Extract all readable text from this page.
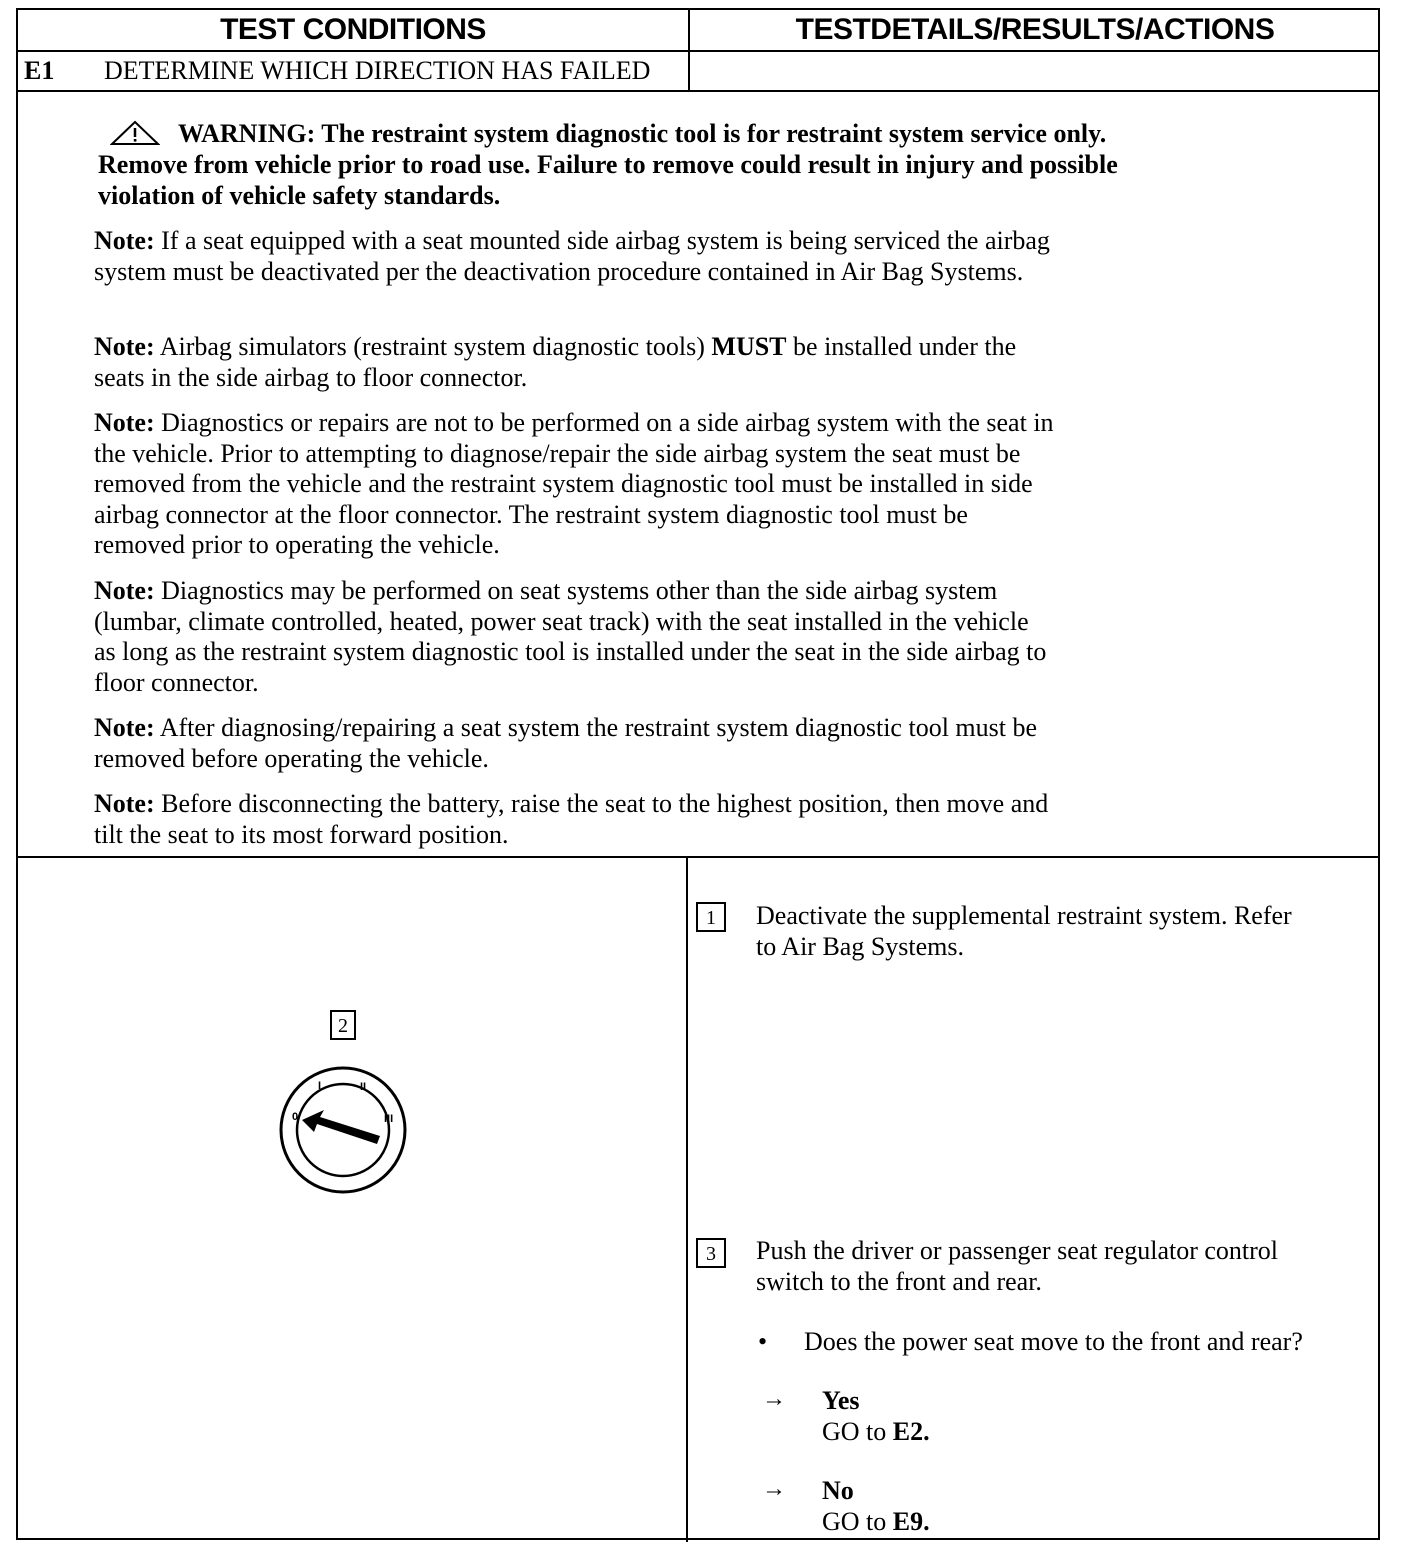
TEST CONDITIONS	TESTDETAILS/RESULTS/ACTIONS
E1 DETERMINE WHICH DIRECTION HAS FAILED
WARNING: The restraint system diagnostic tool is for restraint system service only.
Remove from vehicle prior to road use. Failure to remove could result in injury and possible
violation of vehicle safety standards.
Note: If a seat equipped with a seat mounted side airbag system is being serviced the airbag
system must be deactivated per the deactivation procedure contained in Air Bag Systems.
Note: Airbag simulators (restraint system diagnostic tools) MUST be installed under the
seats in the side airbag to floor connector.
Note: Diagnostics or repairs are not to be performed on a side airbag system with the seat in
the vehicle. Prior to attempting to diagnose/repair the side airbag system the seat must be
removed from the vehicle and the restraint system diagnostic tool must be installed in side
airbag connector at the floor connector. The restraint system diagnostic tool must be
removed prior to operating the vehicle.
Note: Diagnostics may be performed on seat systems other than the side airbag system
(lumbar, climate controlled, heated, power seat track) with the seat installed in the vehicle
as long as the restraint system diagnostic tool is installed under the seat in the side airbag to
floor connector.
Note: After diagnosing/repairing a seat system the restraint system diagnostic tool must be
removed before operating the vehicle.
Note: Before disconnecting the battery, raise the seat to the highest position, then move and
tilt the seat to its most forward position.
2
0
I	II
III
1	Deactivate the supplemental restraint system. Refer
to Air Bag Systems.
3	Push the driver or passenger seat regulator control
switch to the front and rear.
• Does the power seat move to the front and rear?
→ Yes
GO to E2.
→ No
GO to E9.
